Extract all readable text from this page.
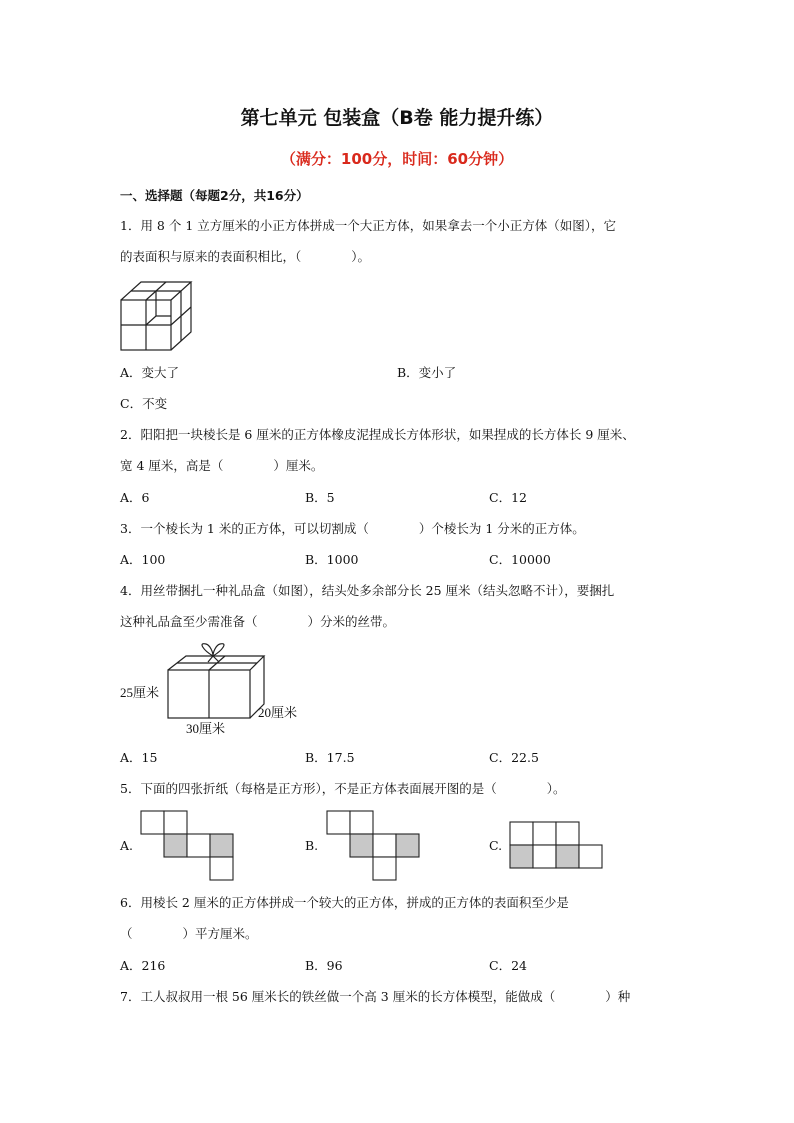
第七单元 包装盒（B卷 能力提升练）
（满分：100分，时间：60分钟）
一、选择题（每题2分，共16分）
1．用 8 个 1 立方厘米的小正方体拼成一个大正方体，如果拿去一个小正方体（如图），它
的表面积与原来的表面积相比，（　　　　）。
A．变大了	B．变小了
C．不变
2．阳阳把一块棱长是 6 厘米的正方体橡皮泥捏成长方体形状，如果捏成的长方体长 9 厘米、
宽 4 厘米，高是（　　　　）厘米。
A．6	B．5	C．12
3．一个棱长为 1 米的正方体，可以切割成（　　　　）个棱长为 1 分米的正方体。
A．100	B．1000	C．10000
4．用丝带捆扎一种礼品盒（如图），结头处多余部分长 25 厘米（结头忽略不计），要捆扎
这种礼品盒至少需准备（　　　　）分米的丝带。
25厘米
30厘米
20厘米
A．15	B．17.5	C．22.5
5．下面的四张折纸（每格是正方形），不是正方体表面展开图的是（　　　　）。
A.	B.	C.
6．用棱长 2 厘米的正方体拼成一个较大的正方体，拼成的正方体的表面积至少是
（　　　　）平方厘米。
A．216	B．96	C．24
7．工人叔叔用一根 56 厘米长的铁丝做一个高 3 厘米的长方体模型，能做成（　　　　）种
